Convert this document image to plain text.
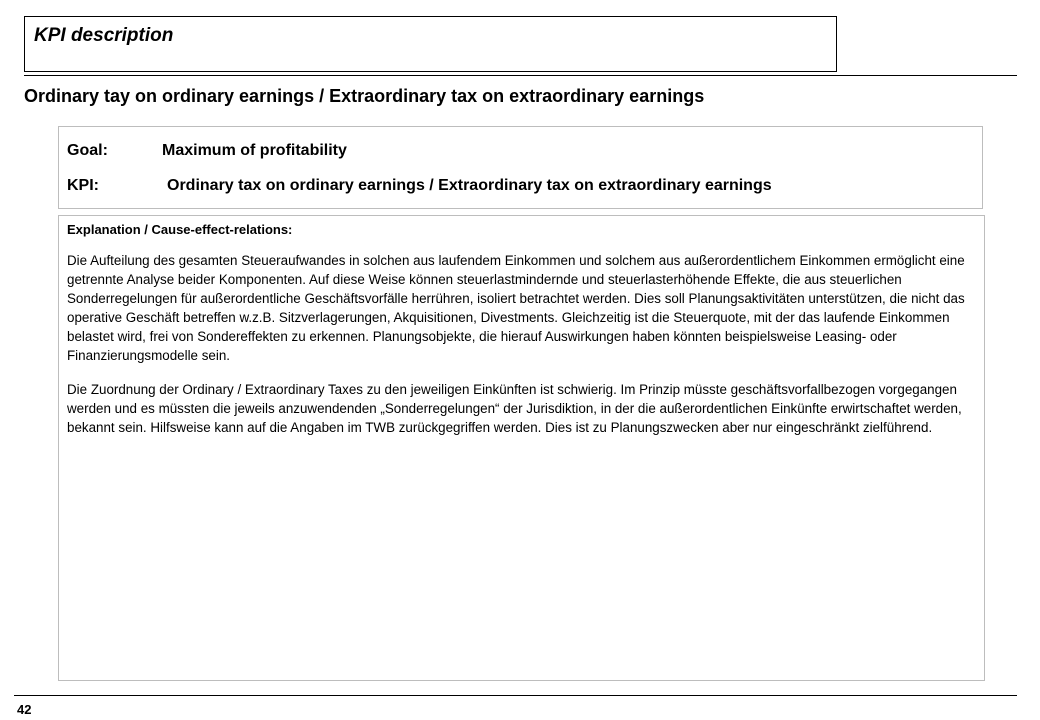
KPI description
Ordinary tay on ordinary earnings / Extraordinary tax on extraordinary earnings
Goal:	Maximum of profitability
KPI:	Ordinary tax on ordinary earnings / Extraordinary tax on extraordinary earnings
Explanation / Cause-effect-relations:

Die Aufteilung des gesamten Steueraufwandes in solchen aus laufendem Einkommen und solchem aus außerordentlichem Einkommen ermöglicht eine getrennte Analyse beider Komponenten. Auf diese Weise können steuerlastmindernde und steuerlasterhöhende Effekte, die aus steuerlichen Sonderregelungen für außerordentliche Geschäftsvorfälle herrühren, isoliert betrachtet werden. Dies soll Planungsaktivitäten unterstützen, die nicht das operative Geschäft betreffen w.z.B. Sitzverlagerungen, Akquisitionen, Divestments. Gleichzeitig ist die Steuerquote, mit der das laufende Einkommen belastet wird, frei von Sondereffekten zu erkennen. Planungsobjekte, die hierauf Auswirkungen haben könnten beispielsweise Leasing- oder Finanzierungsmodelle sein.

Die Zuordnung der Ordinary / Extraordinary Taxes zu den jeweiligen Einkünften ist schwierig. Im Prinzip müsste geschäftsvorfallbezogen vorgegangen werden und es müssten die jeweils anzuwendenden „Sonderregelungen“ der Jurisdiktion, in der die außerordentlichen Einkünfte erwirtschaftet werden, bekannt sein. Hilfsweise kann auf die Angaben im TWB zurückgegriffen werden. Dies ist zu Planungszwecken aber nur eingeschränkt zielführend.

42
